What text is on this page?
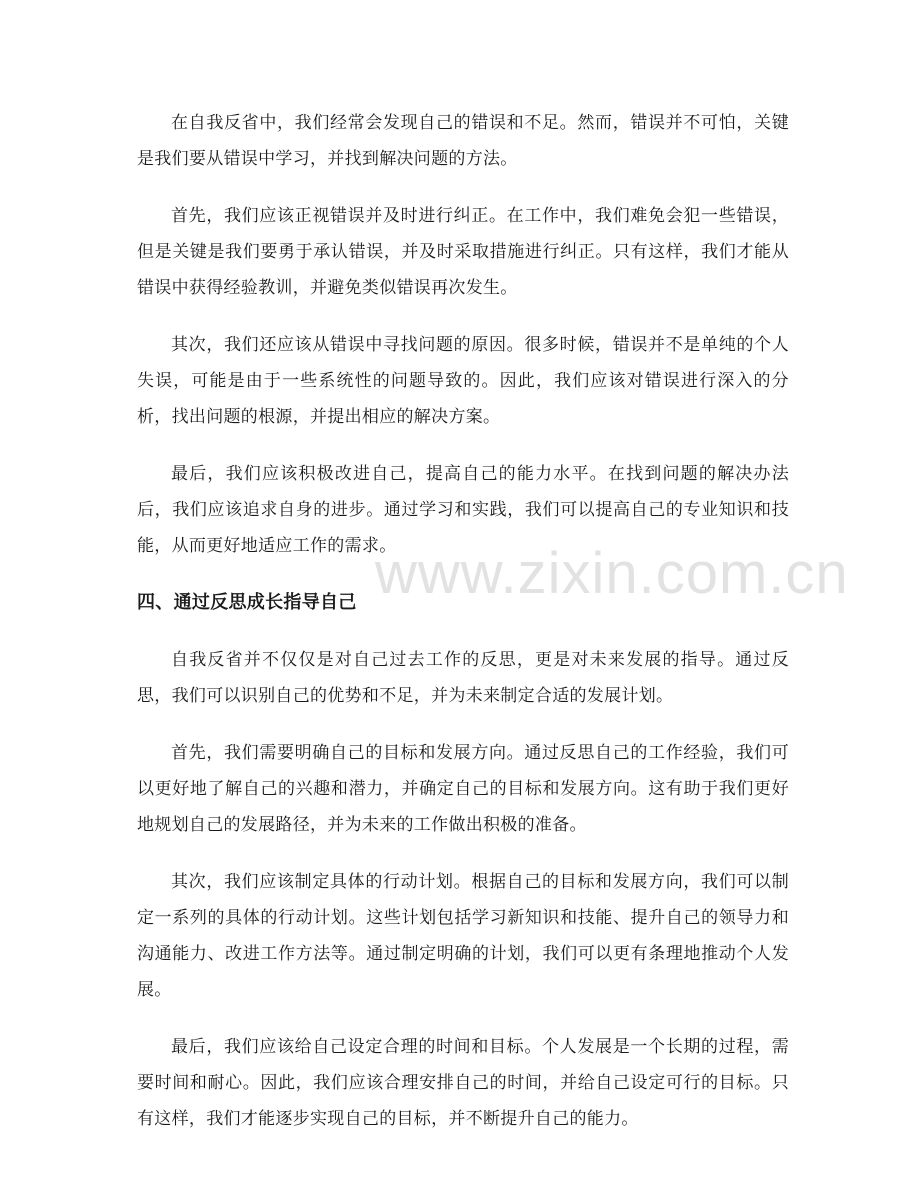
www.zixin.com.cn

在自我反省中，我们经常会发现自己的错误和不足。然而，错误并不可怕，关键是我们要从错误中学习，并找到解决问题的方法。

首先，我们应该正视错误并及时进行纠正。在工作中，我们难免会犯一些错误，但是关键是我们要勇于承认错误，并及时采取措施进行纠正。只有这样，我们才能从错误中获得经验教训，并避免类似错误再次发生。

其次，我们还应该从错误中寻找问题的原因。很多时候，错误并不是单纯的个人失误，可能是由于一些系统性的问题导致的。因此，我们应该对错误进行深入的分析，找出问题的根源，并提出相应的解决方案。

最后，我们应该积极改进自己，提高自己的能力水平。在找到问题的解决办法后，我们应该追求自身的进步。通过学习和实践，我们可以提高自己的专业知识和技能，从而更好地适应工作的需求。

四、通过反思成长指导自己

自我反省并不仅仅是对自己过去工作的反思，更是对未来发展的指导。通过反思，我们可以识别自己的优势和不足，并为未来制定合适的发展计划。

首先，我们需要明确自己的目标和发展方向。通过反思自己的工作经验，我们可以更好地了解自己的兴趣和潜力，并确定自己的目标和发展方向。这有助于我们更好地规划自己的发展路径，并为未来的工作做出积极的准备。

其次，我们应该制定具体的行动计划。根据自己的目标和发展方向，我们可以制定一系列的具体的行动计划。这些计划包括学习新知识和技能、提升自己的领导力和沟通能力、改进工作方法等。通过制定明确的计划，我们可以更有条理地推动个人发展。

最后，我们应该给自己设定合理的时间和目标。个人发展是一个长期的过程，需要时间和耐心。因此，我们应该合理安排自己的时间，并给自己设定可行的目标。只有这样，我们才能逐步实现自己的目标，并不断提升自己的能力。
